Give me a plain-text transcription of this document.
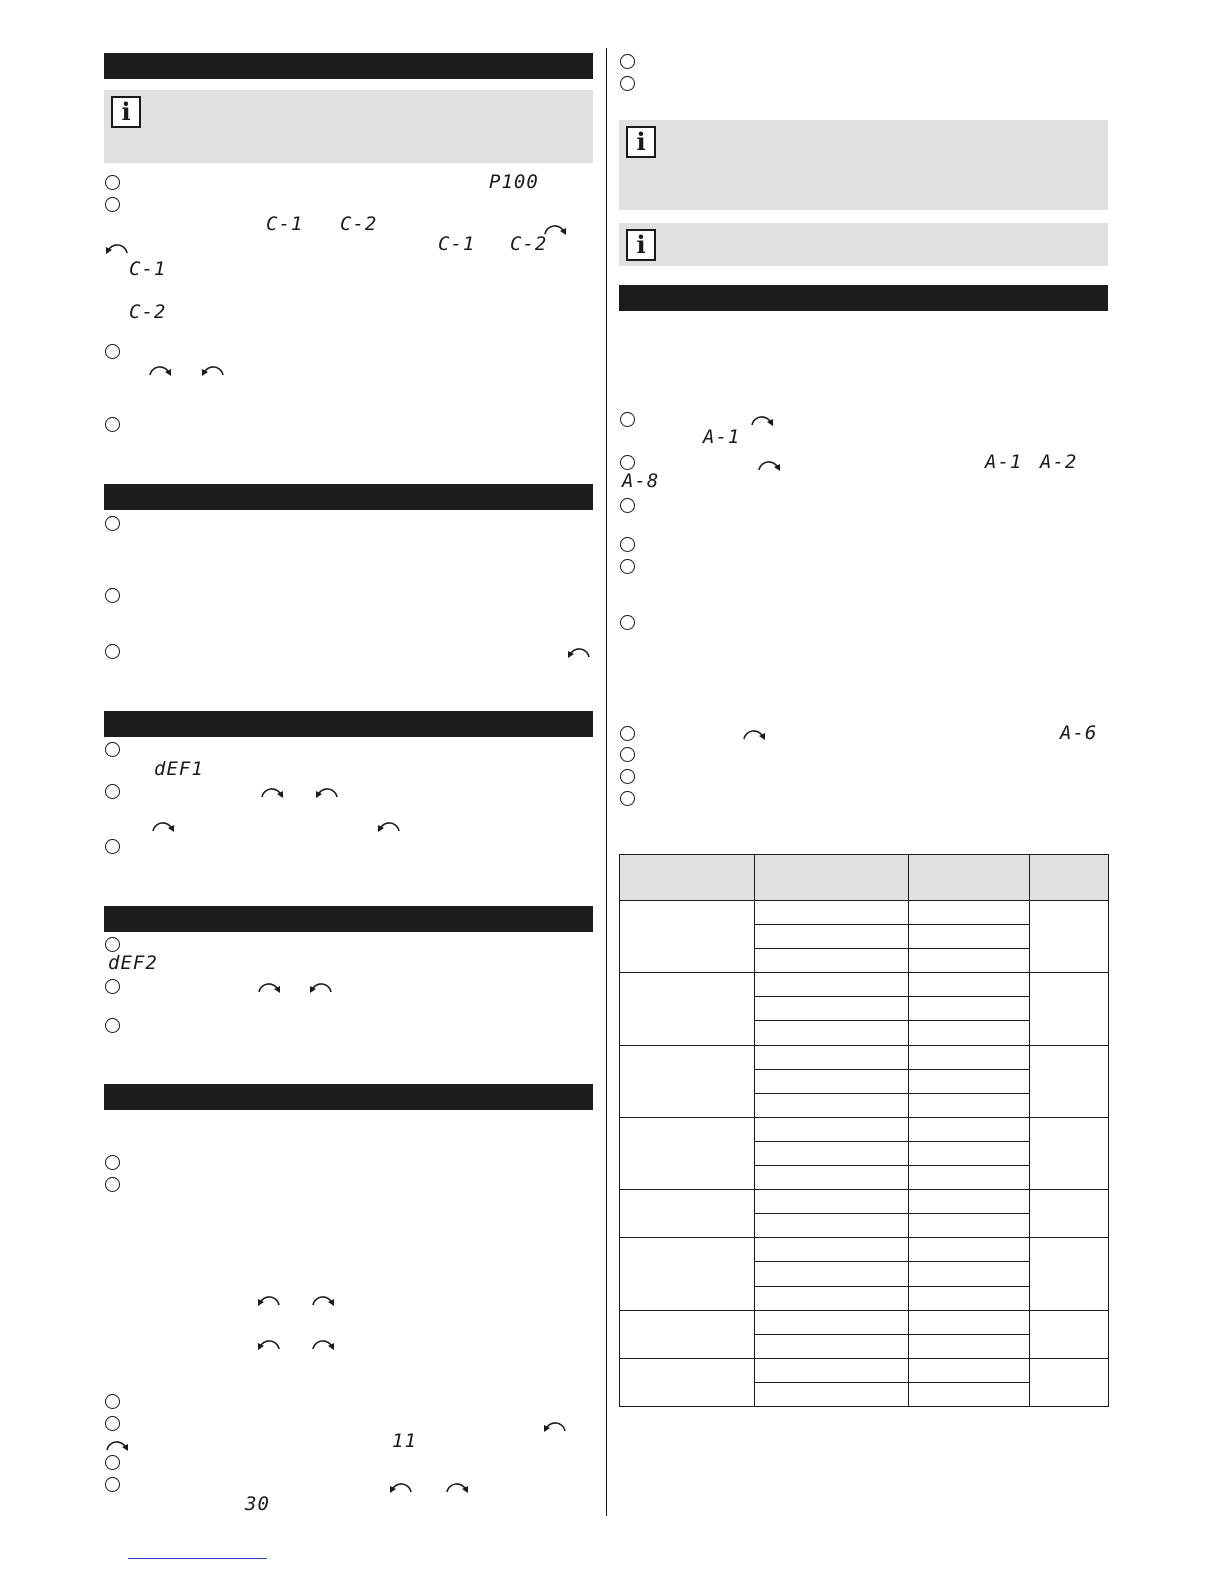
i
P100
C-1 C-2
C-1 C-2
C-1
C-2
dEF1
dEF2
11
30
i
i
A-1
A-1 A-2
A-8
A-6
